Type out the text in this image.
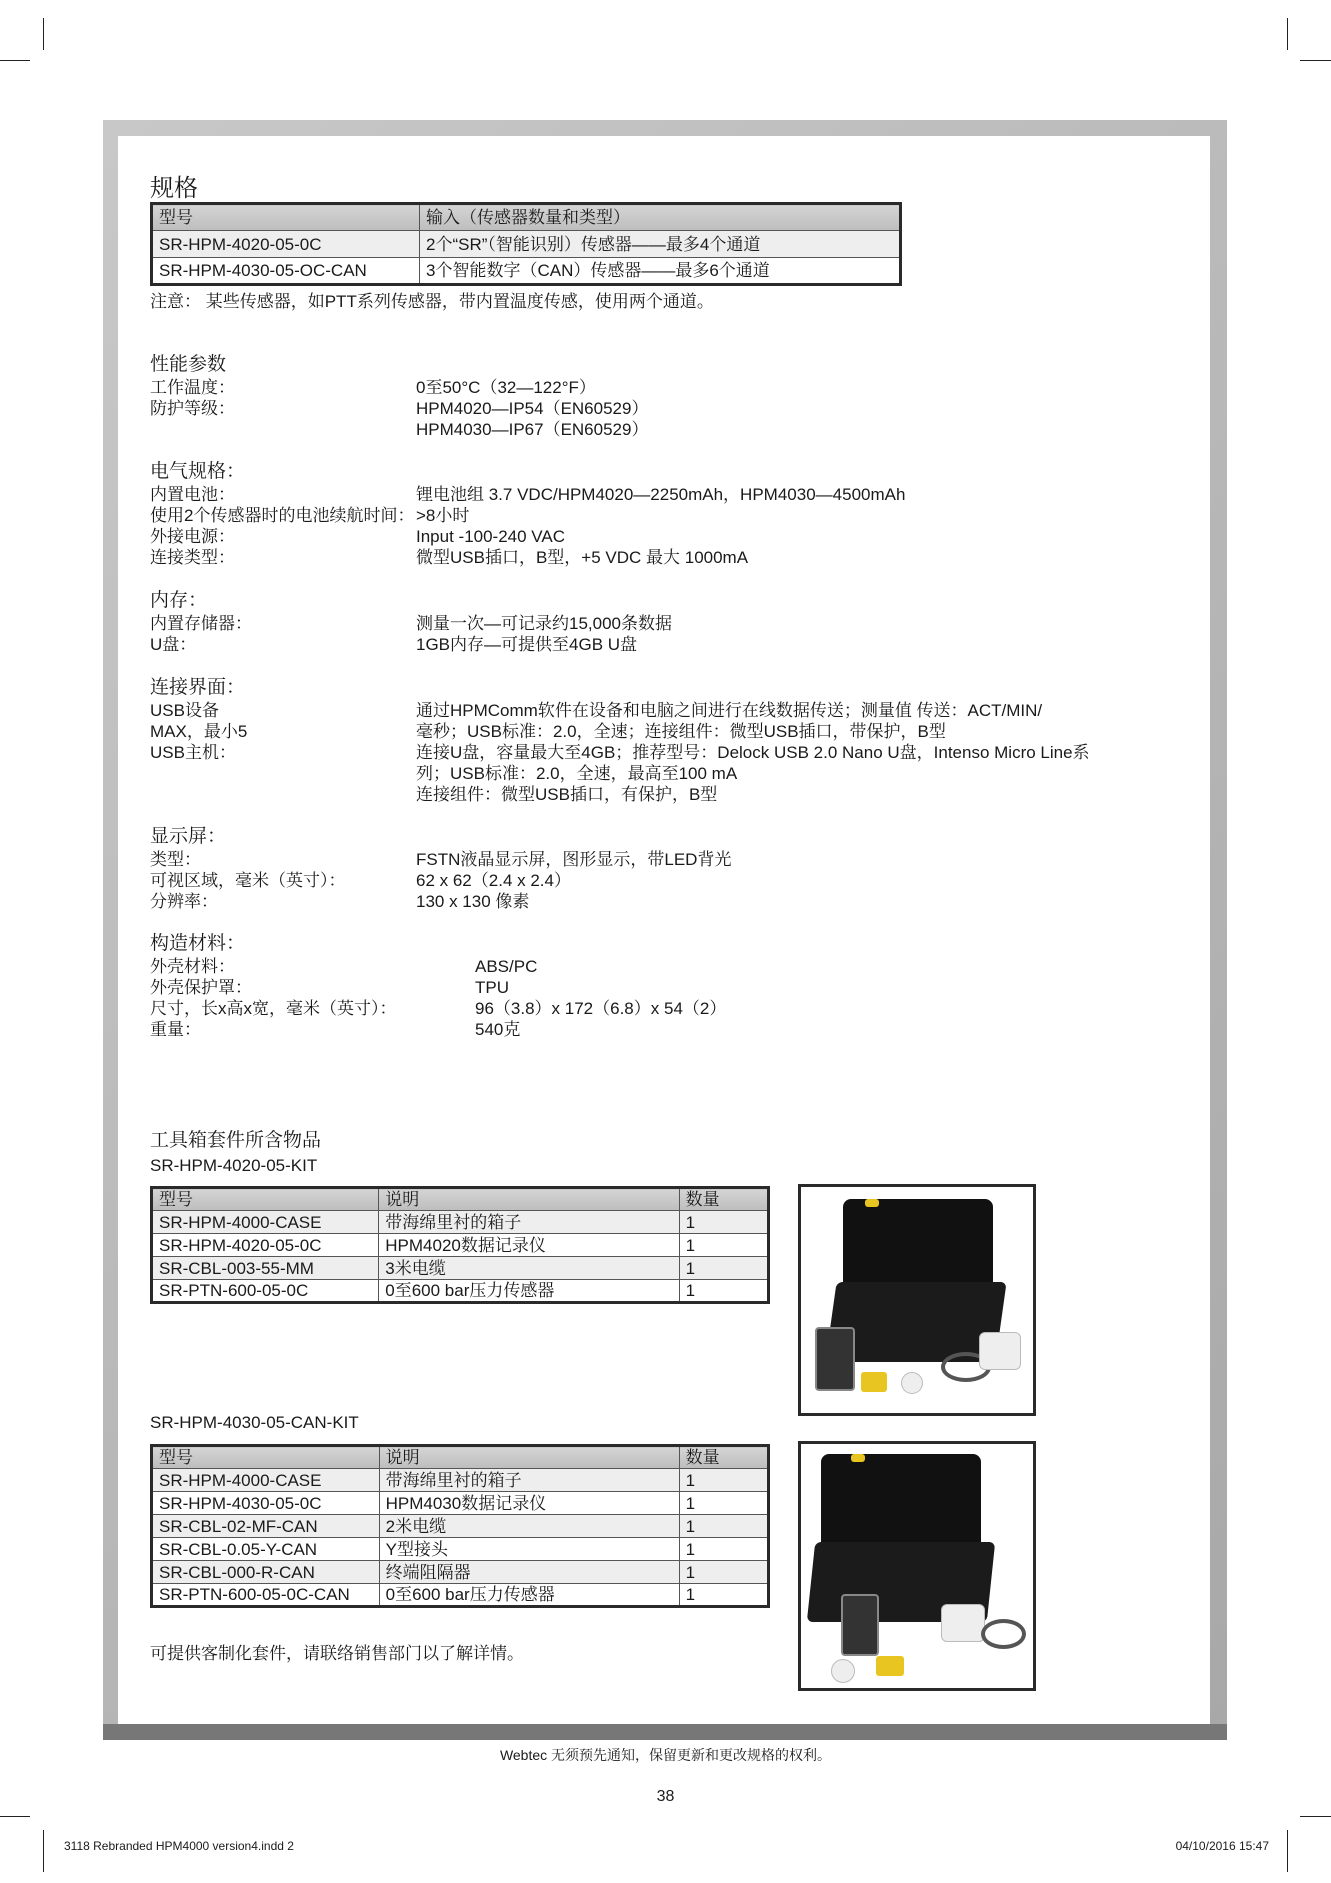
规格
型号	输入（传感器数量和类型）
SR-HPM-4020-05-0C	2个“SR”（智能识别）传感器——最多4个通道
SR-HPM-4030-05-OC-CAN	3个智能数字（CAN）传感器——最多6个通道
注意： 某些传感器，如PTT系列传感器，带内置温度传感，使用两个通道。
性能参数
工作温度：	0至50°C（32—122°F）
防护等级：	HPM4020—IP54（EN60529）
HPM4030—IP67（EN60529）
电气规格：
内置电池：	锂电池组 3.7 VDC/HPM4020—2250mAh，HPM4030—4500mAh
使用2个传感器时的电池续航时间： >8小时
外接电源：	Input -100-240 VAC
连接类型：	微型USB插口，B型，+5 VDC 最大 1000mA
内存：
内置存储器：	测量一次—可记录约15,000条数据
U盘：	1GB内存—可提供至4GB U盘
连接界面：
USB设备	通过HPMComm软件在设备和电脑之间进行在线数据传送；测量值 传送：ACT/MIN/
MAX，最小5	毫秒；USB标准：2.0，全速；连接组件：微型USB插口，带保护，B型
USB主机：	连接U盘，容量最大至4GB；推荐型号：Delock USB 2.0 Nano U盘，Intenso Micro Line系
列；USB标准：2.0，全速，最高至100 mA
连接组件：微型USB插口，有保护，B型
显示屏：
类型：	FSTN液晶显示屏，图形显示，带LED背光
可视区域，毫米（英寸）：	62 x 62（2.4 x 2.4）
分辨率：	130 x 130 像素
构造材料：
外壳材料：	ABS/PC
外壳保护罩：	TPU
尺寸，长x高x宽，毫米（英寸）：	96（3.8）x 172（6.8）x 54（2）
重量：	540克
工具箱套件所含物品
SR-HPM-4020-05-KIT
型号	说明	数量
SR-HPM-4000-CASE	带海绵里衬的箱子	1
SR-HPM-4020-05-0C	HPM4020数据记录仪	1
SR-CBL-003-55-MM	3米电缆	1
SR-PTN-600-05-0C	0至600 bar压力传感器	1
SR-HPM-4030-05-CAN-KIT
型号	说明	数量
SR-HPM-4000-CASE	带海绵里衬的箱子	1
SR-HPM-4030-05-0C	HPM4030数据记录仪	1
SR-CBL-02-MF-CAN	2米电缆	1
SR-CBL-0.05-Y-CAN	Y型接头	1
SR-CBL-000-R-CAN	终端阻隔器	1
SR-PTN-600-05-0C-CAN	0至600 bar压力传感器	1
可提供客制化套件，请联络销售部门以了解详情。
Webtec 无须预先通知，保留更新和更改规格的权利。
38
3118 Rebranded HPM4000 version4.indd 2	04/10/2016 15:47
